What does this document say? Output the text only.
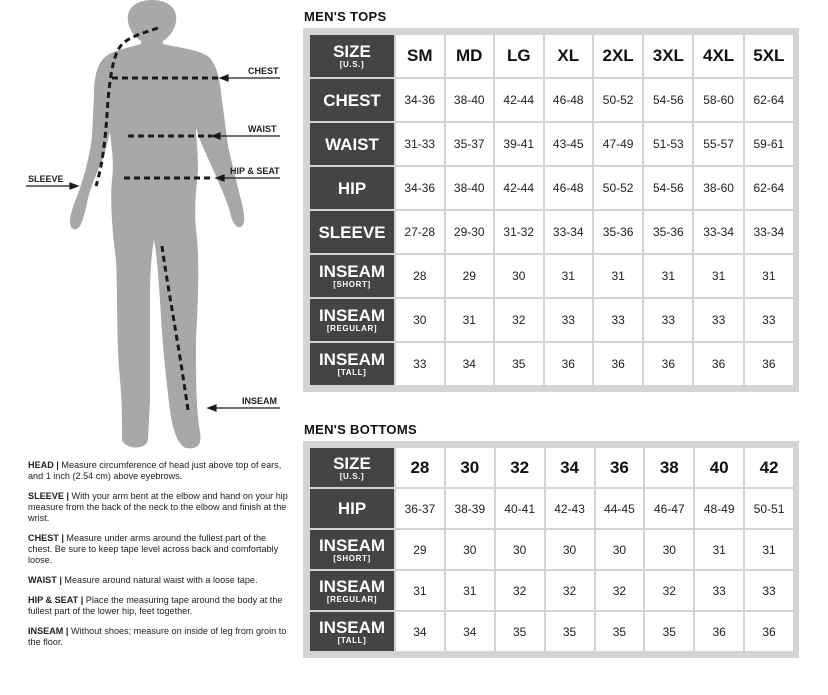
CHEST
WAIST
HIP & SEAT
SLEEVE
INSEAM
HEAD | Measure circumference of head just above top of ears, and 1 inch (2.54 cm) above eyebrows.
SLEEVE | With your arm bent at the elbow and hand on your hip measure from the back of the neck to the elbow and finish at the wrist.
CHEST | Measure under arms around the fullest part of the chest. Be sure to keep tape level across back and comfortably loose.
WAIST | Measure around natural waist with a loose tape.
HIP & SEAT | Place the measuring tape around the body at the fullest part of the lower hip, feet together.
INSEAM | Without shoes; measure on inside of leg from groin to the floor.
MEN'S TOPS
SIZE
[U.S.]	SM	MD	LG	XL	2XL	3XL	4XL	5XL

CHEST	34-36	38-40	42-44	46-48	50-52	54-56	58-60	62-64

WAIST	31-33	35-37	39-41	43-45	47-49	51-53	55-57	59-61

HIP	34-36	38-40	42-44	46-48	50-52	54-56	38-60	62-64

SLEEVE	27-28	29-30	31-32	33-34	35-36	35-36	33-34	33-34

INSEAM
[SHORT]	28	29	30	31	31	31	31	31

INSEAM
[REGULAR]	30	31	32	33	33	33	33	33

INSEAM
[TALL]	33	34	35	36	36	36	36	36
MEN'S BOTTOMS
SIZE
[U.S.]	28	30	32	34	36	38	40	42

HIP	36-37	38-39	40-41	42-43	44-45	46-47	48-49	50-51

INSEAM
[SHORT]	29	30	30	30	30	30	31	31

INSEAM
[REGULAR]	31	31	32	32	32	32	33	33

INSEAM
[TALL]	34	34	35	35	35	35	36	36
